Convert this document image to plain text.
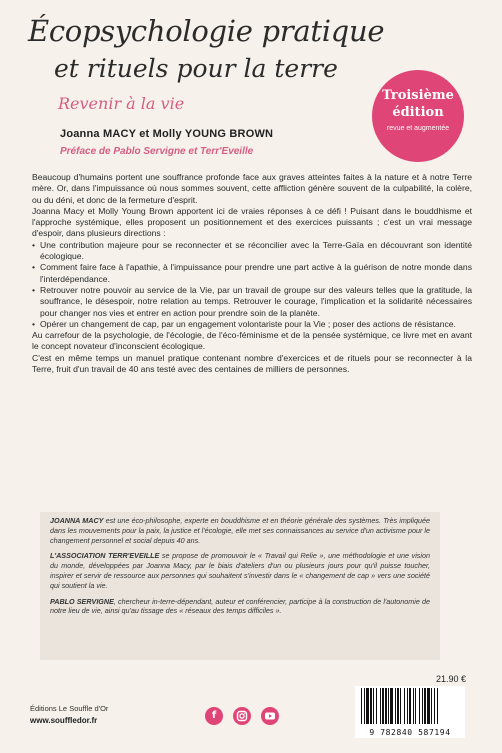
Écopsychologie pratique
et rituels pour la terre
Revenir à la vie	Troisième
édition
revue et augmentée
Joanna MACY et Molly YOUNG BROWN
Préface de Pablo Servigne et Terr'Eveille

Beaucoup d'humains portent une souffrance profonde face aux graves atteintes faites à la nature et à notre Terre mère. Or, dans l'impuissance où nous sommes souvent, cette affliction génère souvent de la culpabilité, la colère, ou du déni, et donc de la fermeture d'esprit.

Joanna Macy et Molly Young Brown apportent ici de vraies réponses à ce défi ! Puisant dans le bouddhisme et l'approche systémique, elles proposent un positionnement et des exercices puissants ; c'est un vrai message d'espoir, dans plusieurs directions :

• Une contribution majeure pour se reconnecter et se réconcilier avec la Terre-Gaïa en découvrant son identité écologique.
• Comment faire face à l'apathie, à l'impuissance pour prendre une part active à la guérison de notre monde dans l'interdépendance.
• Retrouver notre pouvoir au service de la Vie, par un travail de groupe sur des valeurs telles que la gratitude, la souffrance, le désespoir, notre relation au temps. Retrouver le courage, l'implication et la solidarité nécessaires pour changer nos vies et entrer en action pour prendre soin de la planète.
• Opérer un changement de cap, par un engagement volontariste pour la Vie ; poser des actions de résistance.

Au carrefour de la psychologie, de l'écologie, de l'éco-féminisme et de la pensée systémique, ce livre met en avant le concept novateur d'inconscient écologique.

C'est en même temps un manuel pratique contenant nombre d'exercices et de rituels pour se reconnecter à la Terre, fruit d'un travail de 40 ans testé avec des centaines de milliers de personnes.

JOANNA MACY est une éco-philosophe, experte en bouddhisme et en théorie générale des systèmes. Très impliquée dans les mouvements pour la paix, la justice et l'écologie, elle met ses connaissances au service d'un activisme pour le changement personnel et social depuis 40 ans.

L'ASSOCIATION TERR'EVEILLE se propose de promouvoir le « Travail qui Relie », une méthodologie et une vision du monde, développées par Joanna Macy, par le biais d'ateliers d'un ou plusieurs jours pour qu'il puisse toucher, inspirer et servir de ressource aux personnes qui souhaitent s'investir dans le « changement de cap » vers une société qui soutient la vie.

PABLO SERVIGNE, chercheur in-terre-dépendant, auteur et conférencier, participe à la construction de l'autonomie de notre lieu de vie, ainsi qu'au tissage des « réseaux des temps difficiles ».

Éditions Le Souffle d'Or
www.souffledor.fr	f
21.90 €
9 782840 587194
